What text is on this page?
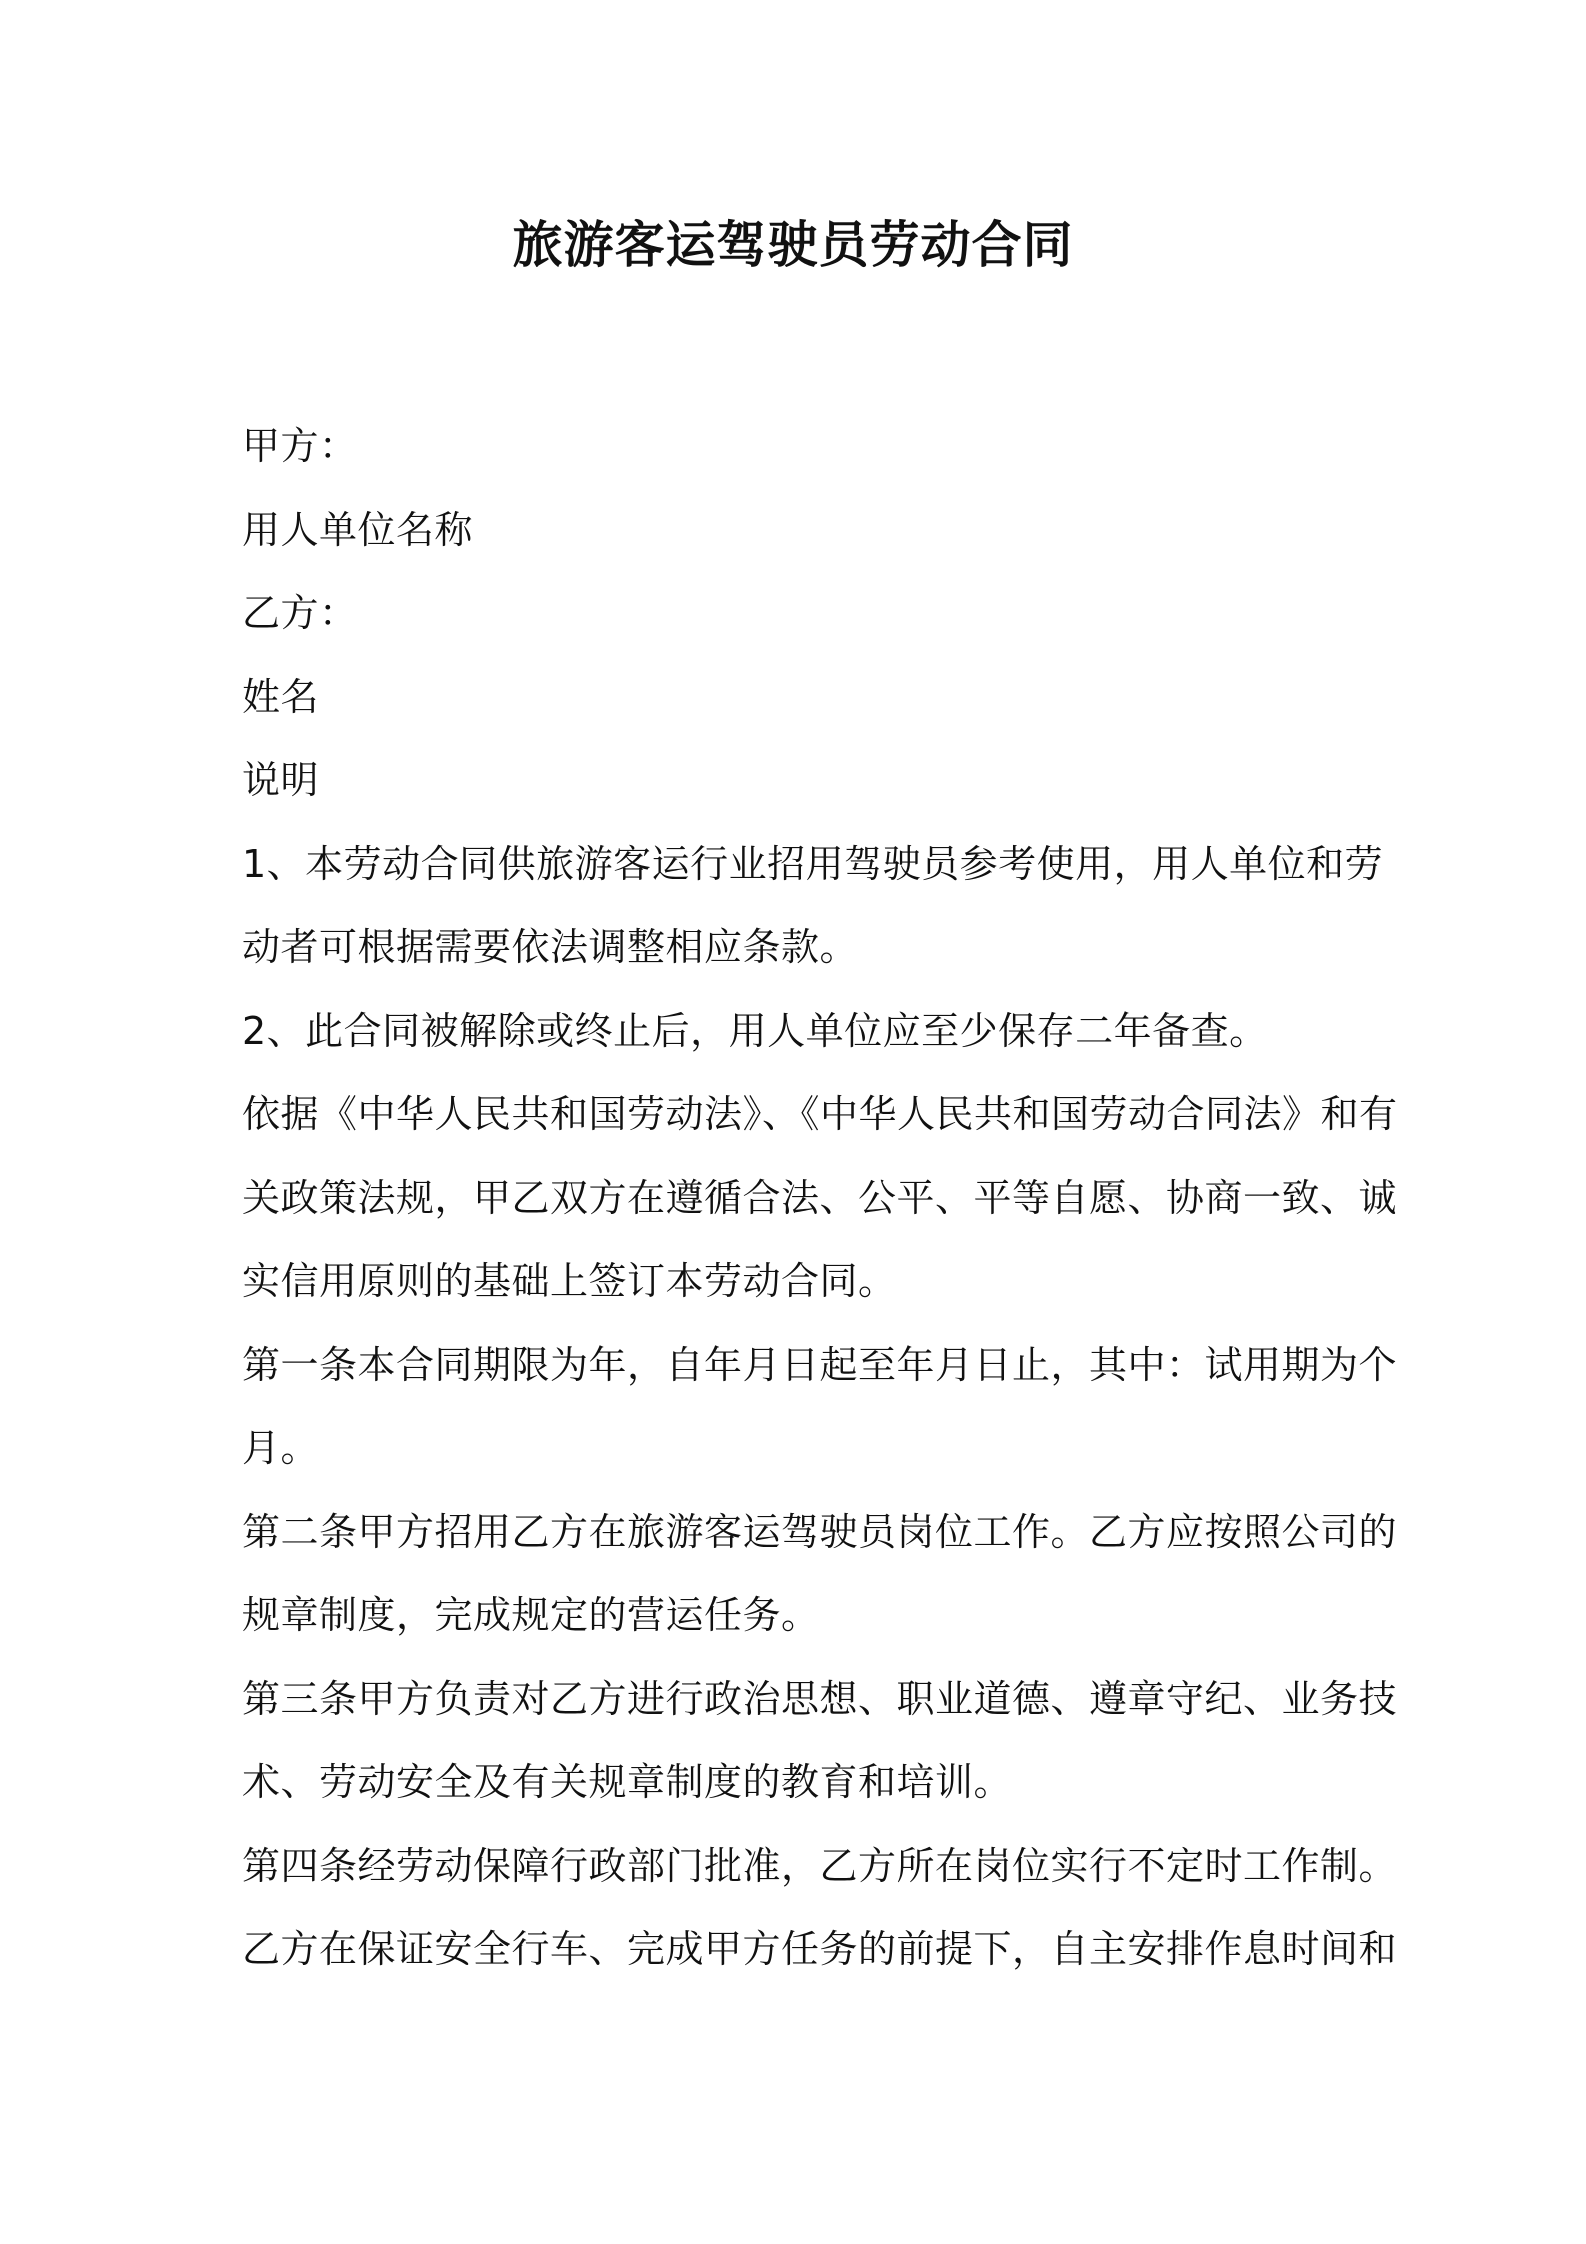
旅游客运驾驶员劳动合同
甲方：
用人单位名称
乙方：
姓名
说明
1、本劳动合同供旅游客运行业招用驾驶员参考使用，用人单位和劳
动者可根据需要依法调整相应条款。
2、此合同被解除或终止后，用人单位应至少保存二年备查。
依据《中华人民共和国劳动法》、《中华人民共和国劳动合同法》和有
关政策法规，甲乙双方在遵循合法、公平、平等自愿、协商一致、诚
实信用原则的基础上签订本劳动合同。
第一条本合同期限为年，自年月日起至年月日止，其中：试用期为个
月。
第二条甲方招用乙方在旅游客运驾驶员岗位工作。乙方应按照公司的
规章制度，完成规定的营运任务。
第三条甲方负责对乙方进行政治思想、职业道德、遵章守纪、业务技
术、劳动安全及有关规章制度的教育和培训。
第四条经劳动保障行政部门批准，乙方所在岗位实行不定时工作制。
乙方在保证安全行车、完成甲方任务的前提下，自主安排作息时间和
